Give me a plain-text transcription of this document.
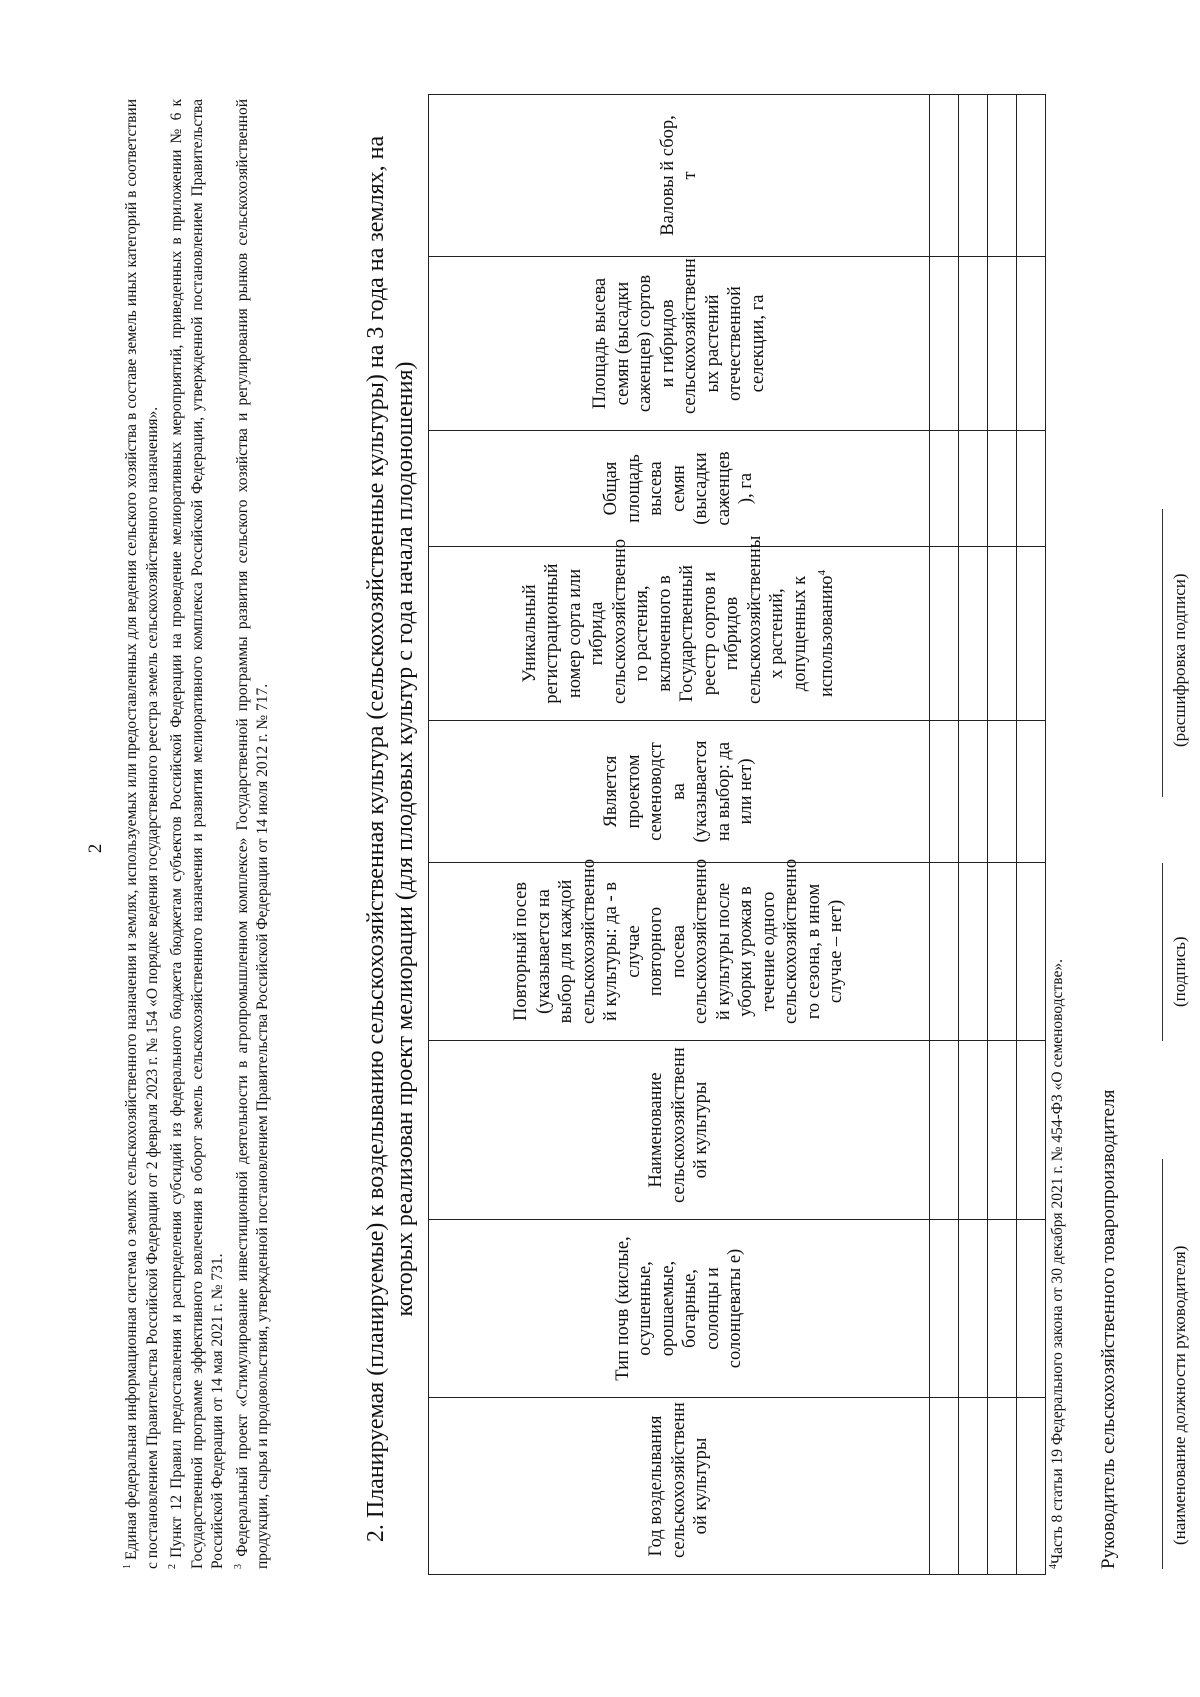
2

$^1$ Единая федеральная информационная система о землях сельскохозяйственного назначения и землях, используемых или предоставленных для ведения сельского хозяйства в составе земель иных категорий в соответствии с постановлением Правительства Российской Федерации от 2 февраля 2023 г. № 154 «О порядке ведения государственного реестра земель сельскохозяйственного назначения». $^2$ Пункт 12 Правил предоставления и распределения субсидий из федерального бюджета бюджетам субъектов Российской Федерации на проведение мелиоративных мероприятий, приведенных в приложении № 6 к Государственной программе эффективного вовлечения в оборот земель сельскохозяйственного назначения и развития мелиоративного комплекса Российской Федерации, утвержденной постановлением Правительства Российской Федерации от 14 мая 2021 г. № 731. $^3$ Федеральный проект «Стимулирование инвестиционной деятельности в агропромышленном комплексе» Государственной программы развития сельского хозяйства и регулирования рынков сельскохозяйственной продукции, сырья и продовольствия, утвержденной постановлением Правительства Российской Федерации от 14 июля 2012 г. № 717.	2. Планируемая (планируемые) к возделыванию сельскохозяйственная культура (сельскохозяйственные культуры) на 3 года на землях, на которых реализован проект мелиорации (для плодовых культур с года начала плодоношения)
Год возделывания сельскохозяйственн ой культуры	Тип почв (кислые, осушенные, орошаемые, богарные, солонцы и солонцеваты е)	Наименование сельскохозяйственн ой культуры	Повторный посев (указывается на выбор для каждой сельскохозяйственно й культуры: да - в случае повторного посева сельскохозяйственно й культуры после уборки урожая в течение одного сельскохозяйственно го сезона, в ином случае – нет)	Является проектом семеноводст ва (указывается на выбор: да или нет)	Уникальный регистрационный номер сорта или гибрида сельскохозяйственно го растения, включенного в Государственный реестр сортов и гибридов сельскохозяйственны х растений, допущенных к использованию$^4$	Общая площадь высева семян (высадки саженцев ), га	Площадь высева семян (высадки саженцев) сортов и гибридов сельскохозяйственн ых растений отечественной селекции, га	Валовы й сбор, т

$^4$Часть 8 статьи 19 Федерального закона от 30 декабря 2021 г. № 454-ФЗ «О семеноводстве». Руководитель сельскохозяйственного товаропроизводителя	(наименование должности руководителя)
(подпись)
(расшифровка подписи)
